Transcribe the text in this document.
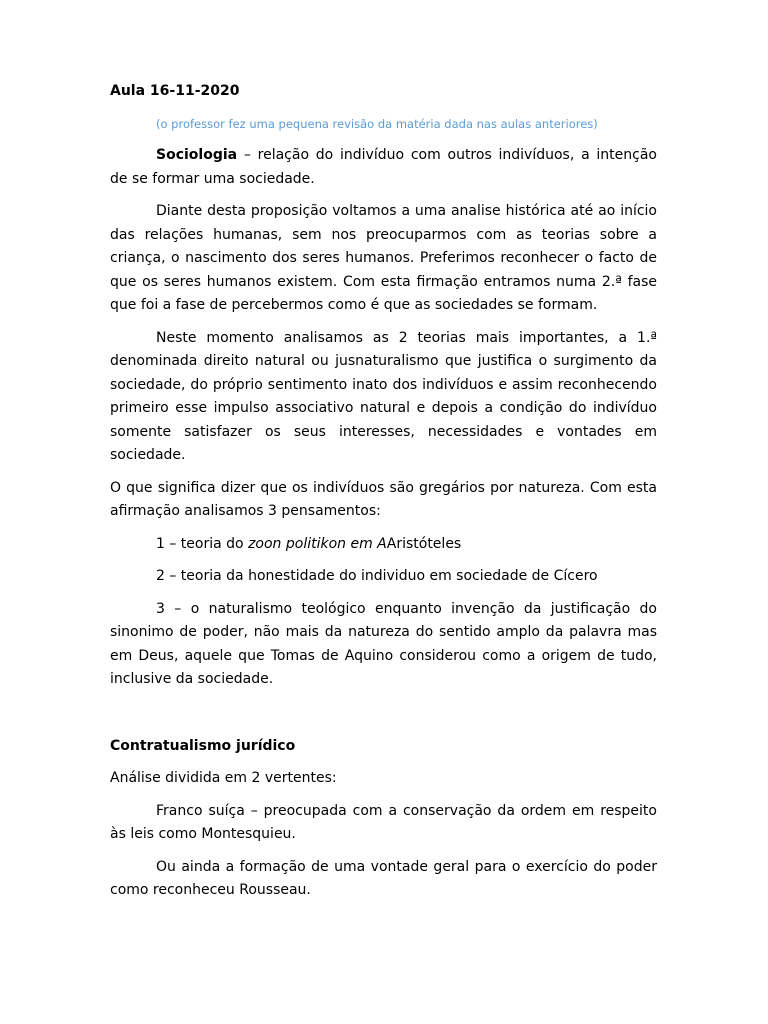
Aula 16-11-2020

(o professor fez uma pequena revisão da matéria dada nas aulas anteriores)

Sociologia – relação do indivíduo com outros indivíduos, a intenção de se formar uma sociedade.

Diante desta proposição voltamos a uma analise histórica até ao início das relações humanas, sem nos preocuparmos com as teorias sobre a criança, o nascimento dos seres humanos. Preferimos reconhecer o facto de que os seres humanos existem. Com esta firmação entramos numa 2.ª fase que foi a fase de percebermos como é que as sociedades se formam.

Neste momento analisamos as 2 teorias mais importantes, a 1.ª denominada direito natural ou jusnaturalismo que justifica o surgimento da sociedade, do próprio sentimento inato dos indivíduos e assim reconhecendo primeiro esse impulso associativo natural e depois a condição do indivíduo somente satisfazer os seus interesses, necessidades e vontades em sociedade.

O que significa dizer que os indivíduos são gregários por natureza. Com esta afirmação analisamos 3 pensamentos:

1 – teoria do zoon politikon em AAristóteles

2 – teoria da honestidade do individuo em sociedade de Cícero

3 – o naturalismo teológico enquanto invenção da justificação do sinonimo de poder, não mais da natureza do sentido amplo da palavra mas em Deus, aquele que Tomas de Aquino considerou como a origem de tudo, inclusive da sociedade.

Contratualismo jurídico

Análise dividida em 2 vertentes:

Franco suíça – preocupada com a conservação da ordem em respeito às leis como Montesquieu.

Ou ainda a formação de uma vontade geral para o exercício do poder como reconheceu Rousseau.
